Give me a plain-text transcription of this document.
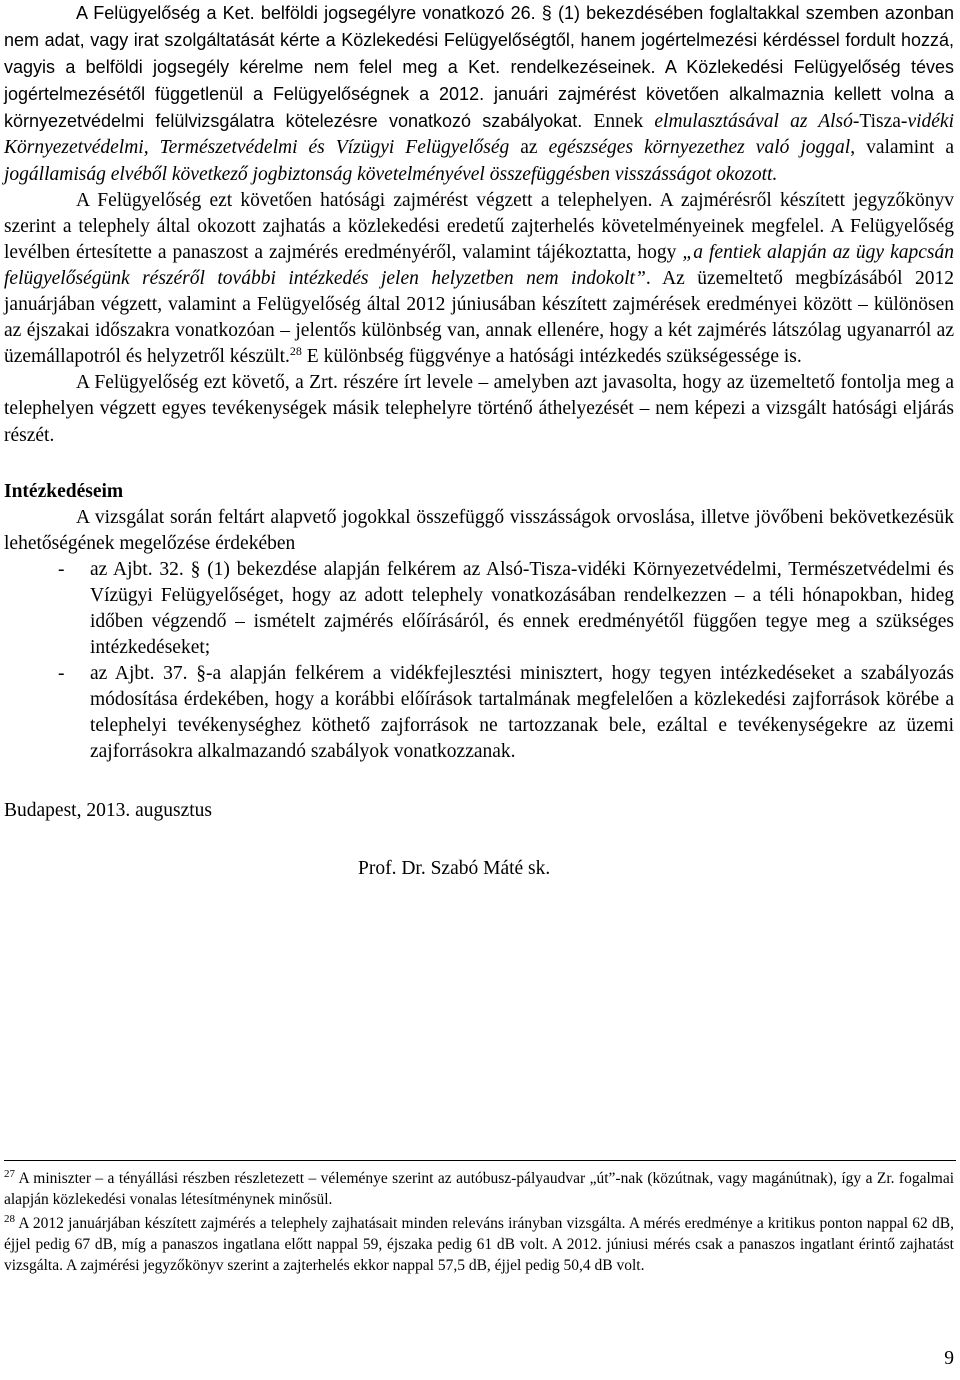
A Felügyelőség a Ket. belföldi jogsegélyre vonatkozó 26. § (1) bekezdésében foglaltakkal szemben azonban nem adat, vagy irat szolgáltatását kérte a Közlekedési Felügyelőségtől, hanem jogértelmezési kérdéssel fordult hozzá, vagyis a belföldi jogsegély kérelme nem felel meg a Ket. rendelkezéseinek. A Közlekedési Felügyelőség téves jogértelmezésétől függetlenül a Felügyelőségnek a 2012. januári zajmérést követően alkalmaznia kellett volna a környezetvédelmi felülvizsgálatra kötelezésre vonatkozó szabályokat. Ennek elmulasztásával az Alsó-Tisza-vidéki Környezetvédelmi, Természetvédelmi és Vízügyi Felügyelőség az egészséges környezethez való joggal, valamint a jogállamiság elvéből következő jogbiztonság követelményével összefüggésben visszásságot okozott.

A Felügyelőség ezt követően hatósági zajmérést végzett a telephelyen. A zajmérésről készített jegyzőkönyv szerint a telephely által okozott zajhatás a közlekedési eredetű zajterhelés követelményeinek megfelel. A Felügyelőség levélben értesítette a panaszost a zajmérés eredményéről, valamint tájékoztatta, hogy „a fentiek alapján az ügy kapcsán felügyelőségünk részéről további intézkedés jelen helyzetben nem indokolt”. Az üzemeltető megbízásából 2012 januárjában végzett, valamint a Felügyelőség által 2012 júniusában készített zajmérések eredményei között – különösen az éjszakai időszakra vonatkozóan – jelentős különbség van, annak ellenére, hogy a két zajmérés látszólag ugyanarról az üzemállapotról és helyzetről készült.$^{28}$ E különbség függvénye a hatósági intézkedés szükségessége is.

A Felügyelőség ezt követő, a Zrt. részére írt levele – amelyben azt javasolta, hogy az üzemeltető fontolja meg a telephelyen végzett egyes tevékenységek másik telephelyre történő áthelyezését – nem képezi a vizsgált hatósági eljárás részét.

Intézkedéseim

A vizsgálat során feltárt alapvető jogokkal összefüggő visszásságok orvoslása, illetve jövőbeni bekövetkezésük lehetőségének megelőzése érdekében

- az Ajbt. 32. § (1) bekezdése alapján felkérem az Alsó-Tisza-vidéki Környezetvédelmi, Természetvédelmi és Vízügyi Felügyelőséget, hogy az adott telephely vonatkozásában rendelkezzen – a téli hónapokban, hideg időben végzendő – ismételt zajmérés előírásáról, és ennek eredményétől függően tegye meg a szükséges intézkedéseket;

- az Ajbt. 37. §-a alapján felkérem a vidékfejlesztési minisztert, hogy tegyen intézkedéseket a szabályozás módosítása érdekében, hogy a korábbi előírások tartalmának megfelelően a közlekedési zajforrások körébe a telephelyi tevékenységhez köthető zajforrások ne tartozzanak bele, ezáltal e tevékenységekre az üzemi zajforrásokra alkalmazandó szabályok vonatkozzanak.

Budapest, 2013. augusztus
Prof. Dr. Szabó Máté sk.

$^{27}$ A miniszter – a tényállási részben részletezett – véleménye szerint az autóbusz-pályaudvar „út”-nak (közútnak, vagy magánútnak), így a Zr. fogalmai alapján közlekedési vonalas létesítménynek minősül.

$^{28}$ A 2012 januárjában készített zajmérés a telephely zajhatásait minden releváns irányban vizsgálta. A mérés eredménye a kritikus ponton nappal 62 dB, éjjel pedig 67 dB, míg a panaszos ingatlana előtt nappal 59, éjszaka pedig 61 dB volt. A 2012. júniusi mérés csak a panaszos ingatlant érintő zajhatást vizsgálta. A zajmérési jegyzőkönyv szerint a zajterhelés ekkor nappal 57,5 dB, éjjel pedig 50,4 dB volt.

9
